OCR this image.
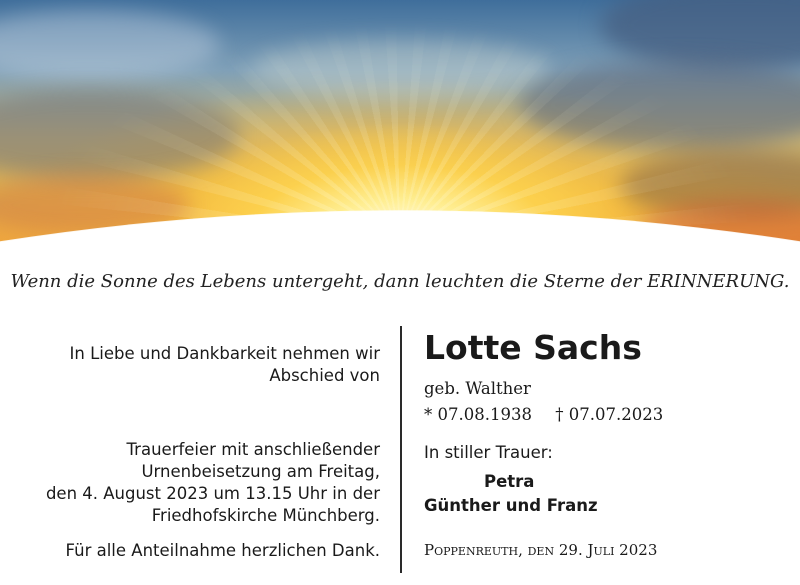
Wenn die Sonne des Lebens untergeht, dann leuchten die Sterne der ERINNERUNG.
In Liebe und Dankbarkeit nehmen wir
Abschied von
Trauerfeier mit anschließender
Urnenbeisetzung am Freitag,
den 4. August 2023 um 13.15 Uhr in der
Friedhofskirche Münchberg.
Für alle Anteilnahme herzlichen Dank.
Lotte Sachs
geb. Walther
* 07.08.1938 † 07.07.2023
In stiller Trauer:
Petra
Günther und Franz
Poppenreuth, den 29. Juli 2023
